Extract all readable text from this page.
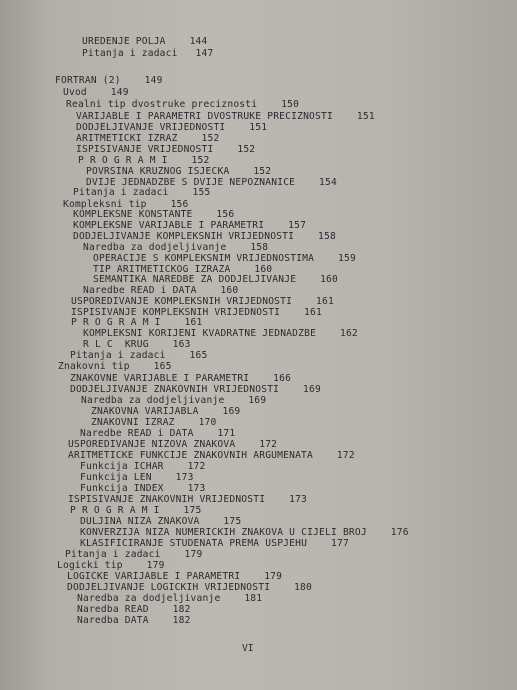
UREDENJE POLJA    144
Pitanja i zadaci   147
FORTRAN (2)    149
Uvod    149
Realni tip dvostruke preciznosti    150
VARIJABLE I PARAMETRI DVOSTRUKE PRECIZNOSTI    151
DODJELJIVANJE VRIJEDNOSTI    151
ARITMETICKI IZRAZ    152
ISPISIVANJE VRIJEDNOSTI    152
P R O G R A M I    152
POVRSINA KRUZNOG ISJECKA    152
DVIJE JEDNADZBE S DVIJE NEPOZNANICE    154
Pitanja i zadaci    155
Kompleksni tip    156
KOMPLEKSNE KONSTANTE    156
KOMPLEKSNE VARIJABLE I PARAMETRI    157
DODJELJIVANJE KOMPLEKSNIH VRIJEDNOSTI    158
Naredba za dodjeljivanje    158
OPERACIJE S KOMPLEKSNIM VRIJEDNOSTIMA    159
TIP ARITMETICKOG IZRAZA    160
SEMANTIKA NAREDBE ZA DODJELJIVANJE    160
Naredbe READ i DATA    160
USPOREDIVANJE KOMPLEKSNIH VRIJEDNOSTI    161
ISPISIVANJE KOMPLEKSNIH VRIJEDNOSTI    161
P R O G R A M I    161
KOMPLEKSNI KORIJENI KVADRATNE JEDNADZBE    162
R L C  KRUG    163
Pitanja i zadaci    165
Znakovni tip    165
ZNAKOVNE VARIJABLE I PARAMETRI    166
DODJELJIVANJE ZNAKOVNIH VRIJEDNOSTI    169
Naredba za dodjeljivanje    169
ZNAKOVNA VARIJABLA    169
ZNAKOVNI IZRAZ    170
Naredbe READ i DATA    171
USPOREDIVANJE NIZOVA ZNAKOVA    172
ARITMETICKE FUNKCIJE ZNAKOVNIH ARGUMENATA    172
Funkcija ICHAR    172
Funkcija LEN    173
Funkcija INDEX    173
ISPISIVANJE ZNAKOVNIH VRIJEDNOSTI    173
P R O G R A M I    175
DULJINA NIZA ZNAKOVA    175
KONVERZIJA NIZA NUMERICKIH ZNAKOVA U CIJELI BROJ    176
KLASIFICIRANJE STUDENATA PREMA USPJEHU    177
Pitanja i zadaci    179
Logicki tip    179
LOGICKE VARIJABLE I PARAMETRI    179
DODJELJIVANJE LOGICKIH VRIJEDNOSTI    180
Naredba za dodjeljivanje    181
Naredba READ    182
Naredba DATA    182
VI
